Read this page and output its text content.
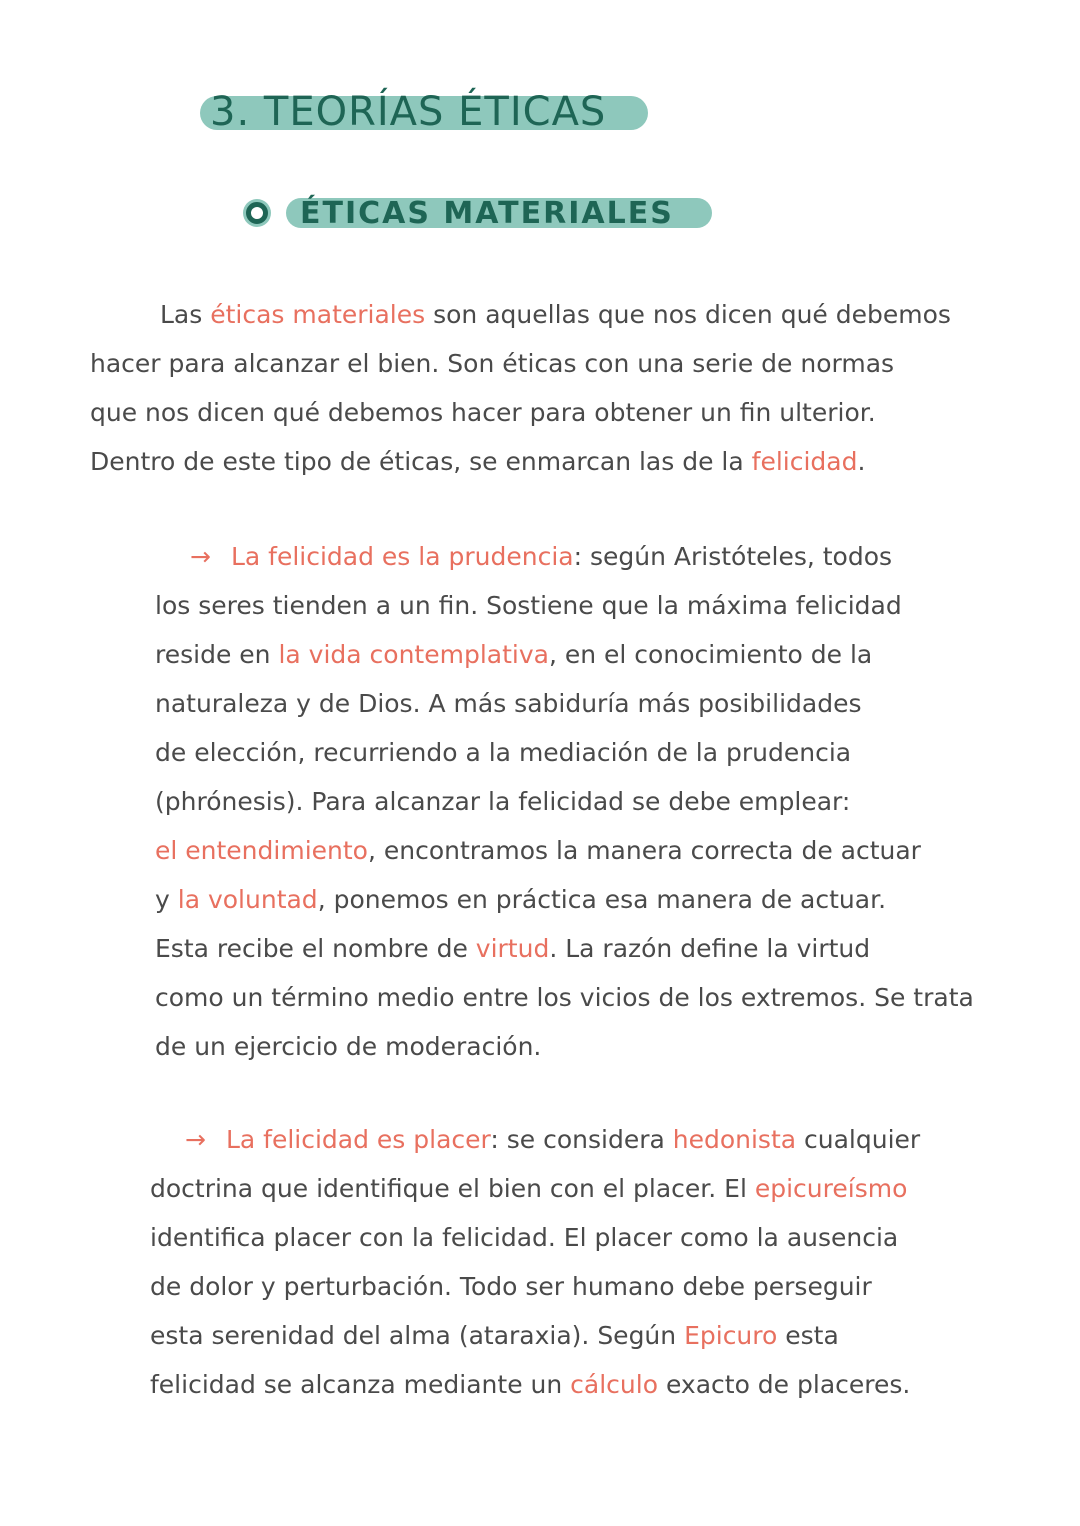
3. TEORÍAS ÉTICAS
ÉTICAS MATERIALES
Las éticas materiales son aquellas que nos dicen qué debemos
hacer para alcanzar el bien. Son éticas con una serie de normas
que nos dicen qué debemos hacer para obtener un fin ulterior.
Dentro de este tipo de éticas, se enmarcan las de la felicidad.
→ La felicidad es la prudencia: según Aristóteles, todos
los seres tienden a un fin. Sostiene que la máxima felicidad
reside en la vida contemplativa, en el conocimiento de la
naturaleza y de Dios. A más sabiduría más posibilidades
de elección, recurriendo a la mediación de la prudencia
(phrónesis). Para alcanzar la felicidad se debe emplear:
el entendimiento, encontramos la manera correcta de actuar
y la voluntad, ponemos en práctica esa manera de actuar.
Esta recibe el nombre de virtud. La razón define la virtud
como un término medio entre los vicios de los extremos. Se trata
de un ejercicio de moderación.
→ La felicidad es placer: se considera hedonista cualquier
doctrina que identifique el bien con el placer. El epicureísmo
identifica placer con la felicidad. El placer como la ausencia
de dolor y perturbación. Todo ser humano debe perseguir
esta serenidad del alma (ataraxia). Según Epicuro esta
felicidad se alcanza mediante un cálculo exacto de placeres.
